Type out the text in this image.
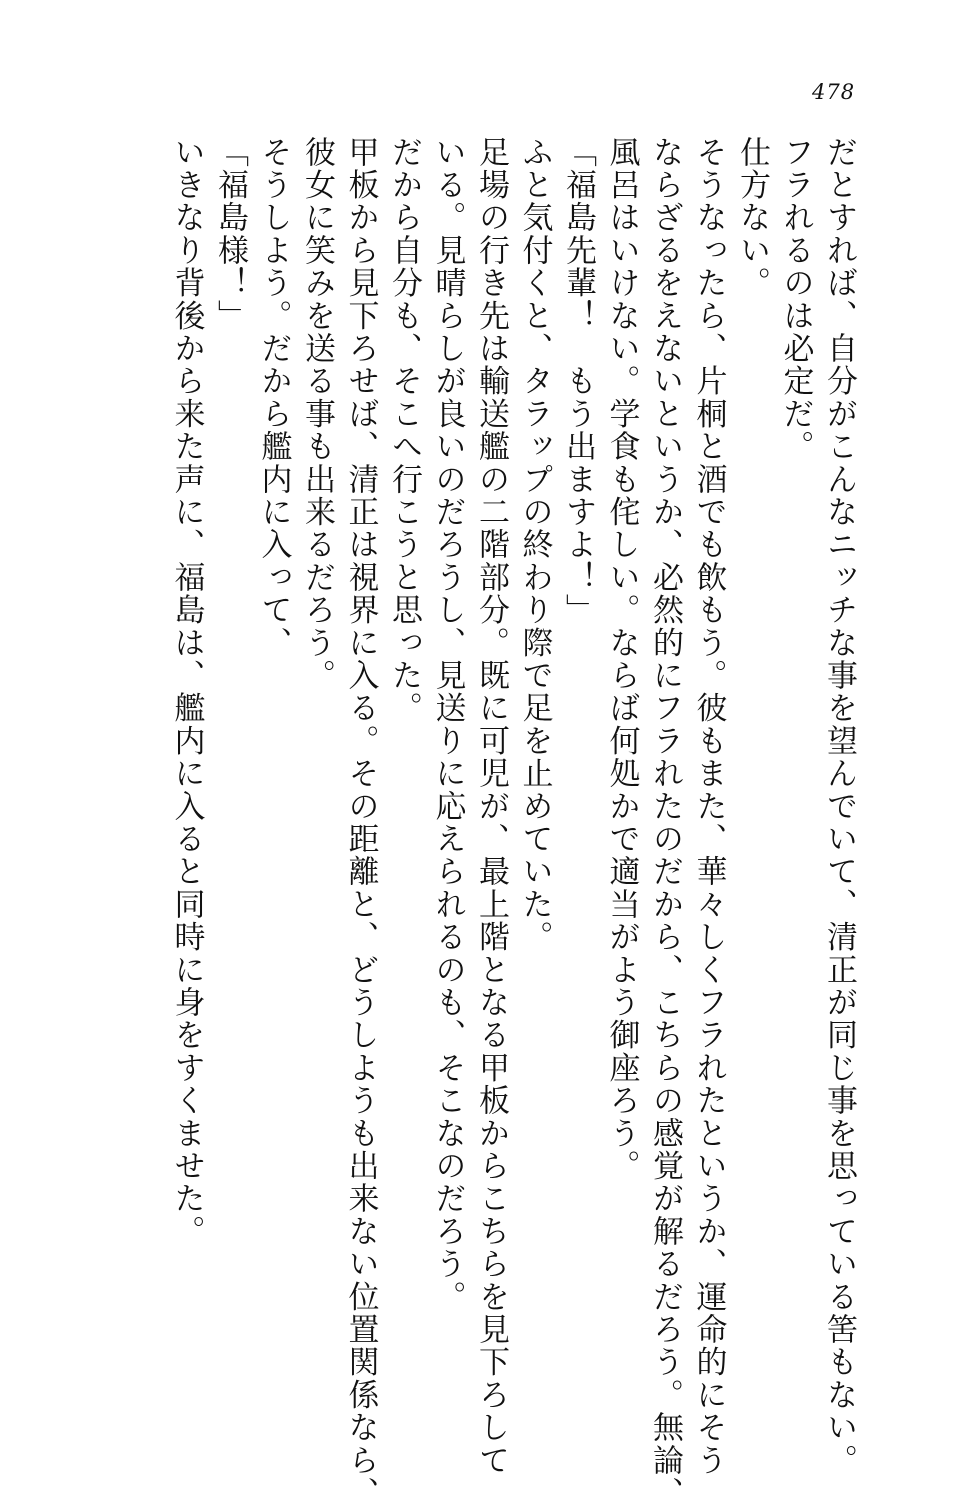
478
だとすれば、自分がこんなニッチな事を望んでいて、清正が同じ事を思っている筈もない。
フラれるのは必定だ。
仕方ない。
そうなったら、片桐と酒でも飲もう。彼もまた、華々しくフラれたというか、運命的にそう
ならざるをえないというか、必然的にフラれたのだから、こちらの感覚が解るだろう。無論、
風呂はいけない。学食も侘しい。ならば何処かで適当がよう御座ろう。
「福島先輩！　もう出ますよ！」
ふと気付くと、タラップの終わり際で足を止めていた。
足場の行き先は輸送艦の二階部分。既に可児が、最上階となる甲板からこちらを見下ろして
いる。見晴らしが良いのだろうし、見送りに応えられるのも、そこなのだろう。
だから自分も、そこへ行こうと思った。
甲板から見下ろせば、清正は視界に入る。その距離と、どうしようも出来ない位置関係なら、
彼女に笑みを送る事も出来るだろう。
そうしよう。だから艦内に入って、
「福島様！」
いきなり背後から来た声に、福島は、艦内に入ると同時に身をすくませた。
